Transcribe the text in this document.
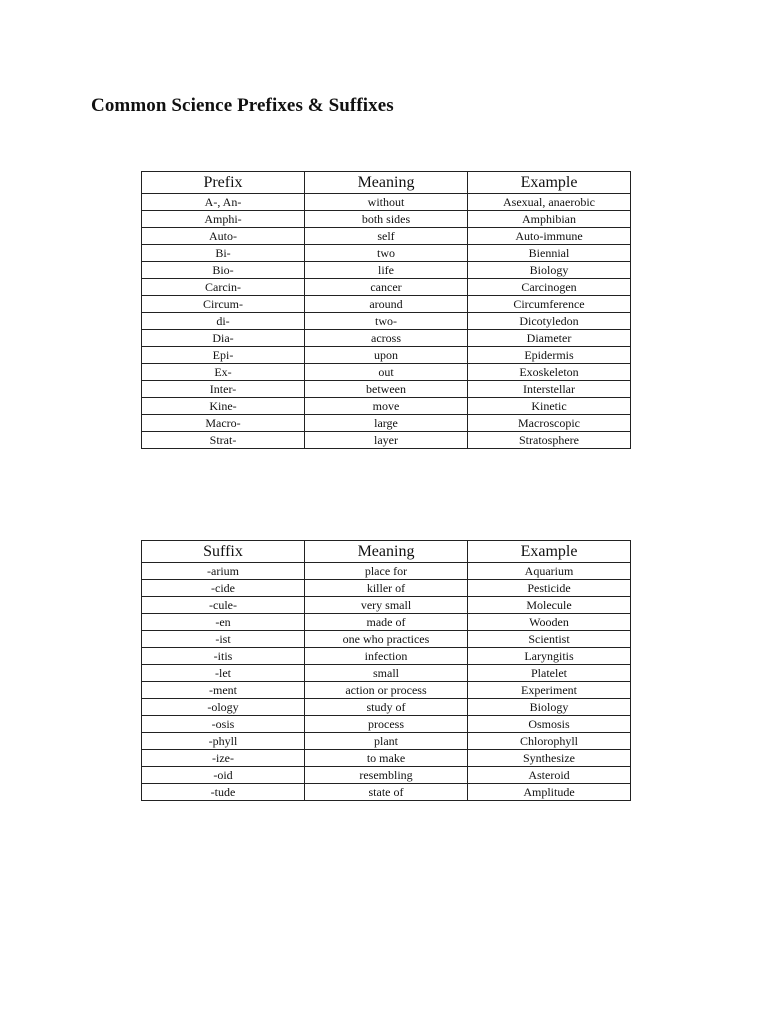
Common Science Prefixes & Suffixes
Prefix	Meaning	Example
A-, An-	without	Asexual, anaerobic
Amphi-	both sides	Amphibian
Auto-	self	Auto-immune
Bi-	two	Biennial
Bio-	life	Biology
Carcin-	cancer	Carcinogen
Circum-	around	Circumference
di-	two-	Dicotyledon
Dia-	across	Diameter
Epi-	upon	Epidermis
Ex-	out	Exoskeleton
Inter-	between	Interstellar
Kine-	move	Kinetic
Macro-	large	Macroscopic
Strat-	layer	Stratosphere
Suffix	Meaning	Example
-arium	place for	Aquarium
-cide	killer of	Pesticide
-cule-	very small	Molecule
-en	made of	Wooden
-ist	one who practices	Scientist
-itis	infection	Laryngitis
-let	small	Platelet
-ment	action or process	Experiment
-ology	study of	Biology
-osis	process	Osmosis
-phyll	plant	Chlorophyll
-ize-	to make	Synthesize
-oid	resembling	Asteroid
-tude	state of	Amplitude
